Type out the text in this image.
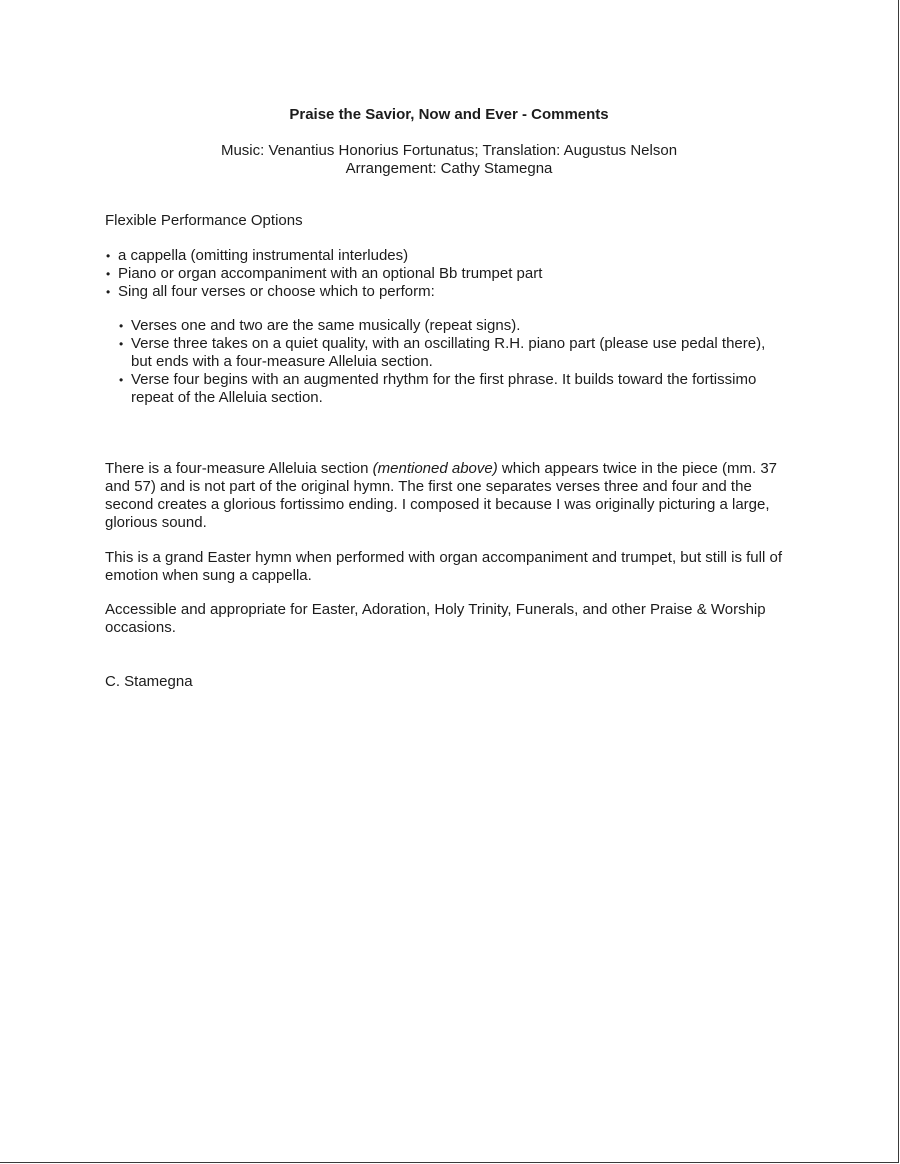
Praise the Savior, Now and Ever - Comments
Music: Venantius Honorius Fortunatus; Translation: Augustus Nelson
Arrangement: Cathy Stamegna
Flexible Performance Options
• a cappella (omitting instrumental interludes)
• Piano or organ accompaniment with an optional Bb trumpet part
• Sing all four verses or choose which to perform:
• Verses one and two are the same musically (repeat signs).
• Verse three takes on a quiet quality, with an oscillating R.H. piano part (please use pedal there), but ends with a four-measure Alleluia section.
• Verse four begins with an augmented rhythm for the first phrase. It builds toward the fortissimo repeat of the Alleluia section.

There is a four-measure Alleluia section (mentioned above) which appears twice in the piece (mm. 37 and 57) and is not part of the original hymn. The first one separates verses three and four and the second creates a glorious fortissimo ending. I composed it because I was originally picturing a large, glorious sound.

This is a grand Easter hymn when performed with organ accompaniment and trumpet, but still is full of emotion when sung a cappella.

Accessible and appropriate for Easter, Adoration, Holy Trinity, Funerals, and other Praise & Worship occasions.

C. Stamegna
